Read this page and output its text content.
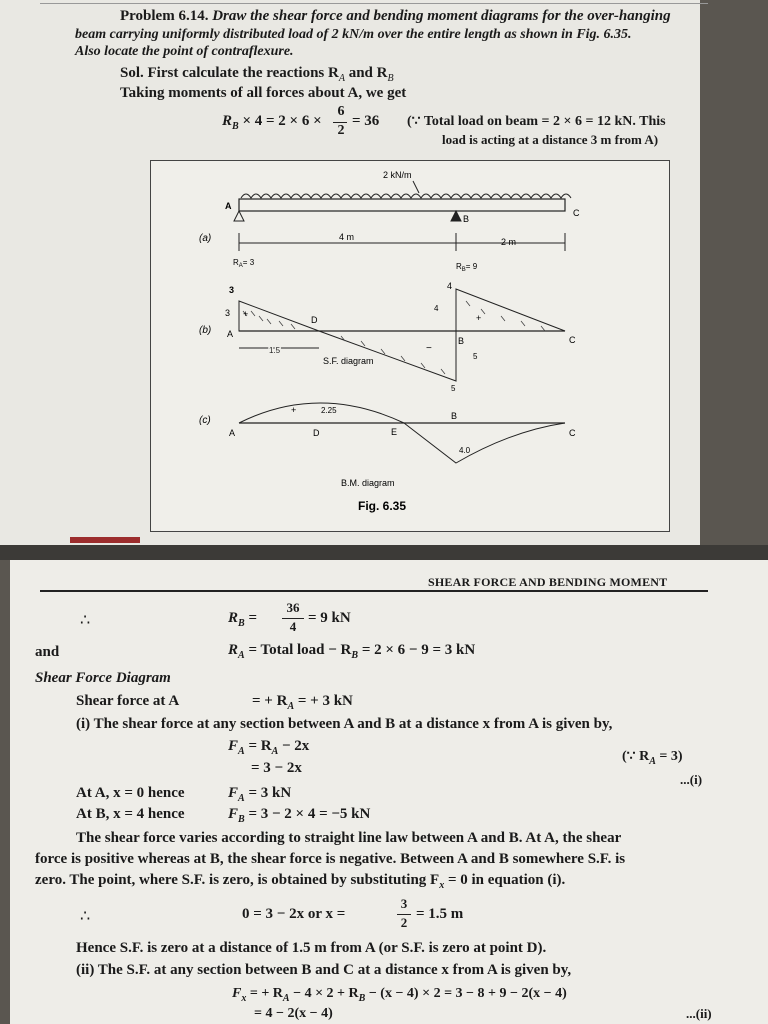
Problem 6.14. Draw the shear force and bending moment diagrams for the over-hanging
beam carrying uniformly distributed load of 2 kN/m over the entire length as shown in Fig. 6.35.
Also locate the point of contraflexure.
Sol. First calculate the reactions $R_A$ and $R_B$
Taking moments of all forces about A, we get
$R_B \times 4 = 2 \times 6$ ×
6
2
= 36 (∵ Total load on beam = 2 × 6 = 12 kN. This
load is acting at a distance 3 m from A)
2 kN/m
A
C
B
(a)	4 m	2 m
$R_A= 3$	$R_B= 9$
(b)
3
3 +
A
D
4
4
+
−
B	C
5
5
1.5
S.F. diagram
(c)
+	2.25
A	D	E
B
C
4.0
B.M. diagram
Fig. 6.35
SHEAR FORCE AND BENDING MOMENT
∴	$R_B$ =
36
4
= 9 kN
and	$R_A$ = Total load − $R_B = 2 \times 6 - 9 = 3$ kN
Shear Force Diagram
Shear force at A	= + $R_A$ = + 3 kN
(i) The shear force at any section between A and B at a distance x from A is given by,
$F_A = R_A - 2x$
(∵ $R_A = 3$)
= 3 − 2x
...(i)
At A, x = 0 hence	$F_A = 3$ kN
At B, x = 4 hence	$F_B = 3 - 2 \times 4 = -5$ kN
The shear force varies according to straight line law between A and B. At A, the shear
force is positive whereas at B, the shear force is negative. Between A and B somewhere S.F. is
zero. The point, where S.F. is zero, is obtained by substituting $F_x = 0$ in equation (i).
∴	0 = 3 − 2x or x =
3
2
= 1.5 m
Hence S.F. is zero at a distance of 1.5 m from A (or S.F. is zero at point D).
(ii) The S.F. at any section between B and C at a distance x from A is given by,
$F_x$ = + $R_A - 4 \times 2 + R_B - (x - 4) \times 2 = 3 - 8 + 9 - 2(x - 4)$
= 4 − 2(x − 4)	...(ii)
